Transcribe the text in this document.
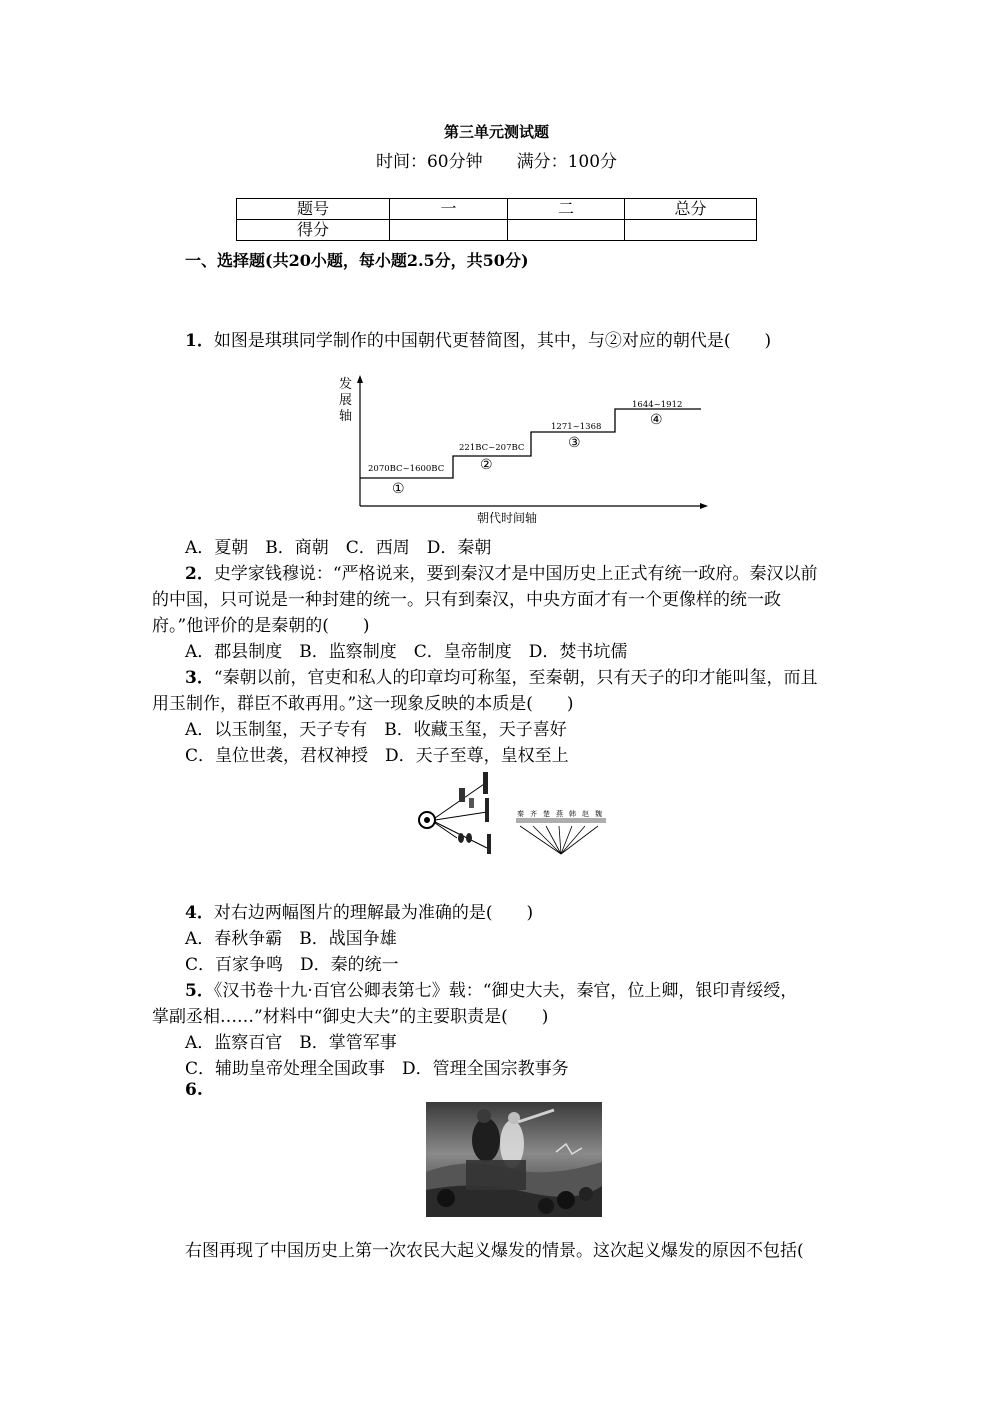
第三单元测试题
时间：60分钟 满分：100分
题号	一	二	总分
得分			
一、选择题(共20小题，每小题2.5分，共50分)
1．如图是琪琪同学制作的中国朝代更替简图，其中，与②对应的朝代是(　　)
发
展
轴
2070BC~1600BC
①
221BC~207BC
②
1271~1368
③
1644~1912
④
朝代时间轴
A．夏朝　B．商朝　C．西周　D．秦朝
2．史学家钱穆说：“严格说来，要到秦汉才是中国历史上正式有统一政府。秦汉以前
的中国，只可说是一种封建的统一。只有到秦汉，中央方面才有一个更像样的统一政
府。”他评价的是秦朝的(　　)
A．郡县制度　B．监察制度　C．皇帝制度　D．焚书坑儒
3．“秦朝以前，官吏和私人的印章均可称玺，至秦朝，只有天子的印才能叫玺，而且
用玉制作，群臣不敢再用。”这一现象反映的本质是(　　)
A．以玉制玺，天子专有　B．收藏玉玺，天子喜好
C．皇位世袭，君权神授　D．天子至尊，皇权至上
秦 齐 楚 燕 韩 赵 魏
4．对右边两幅图片的理解最为准确的是(　　)
A．春秋争霸　B．战国争雄
C．百家争鸣　D．秦的统一
5．《汉书卷十九·百官公卿表第七》载：“御史大夫，秦官，位上卿，银印青绥绶，
掌副丞相……”材料中“御史大夫”的主要职责是(　　)
A．监察百官　B．掌管军事
C．辅助皇帝处理全国政事　D．管理全国宗教事务
6.
右图再现了中国历史上第一次农民大起义爆发的情景。这次起义爆发的原因不包括(
